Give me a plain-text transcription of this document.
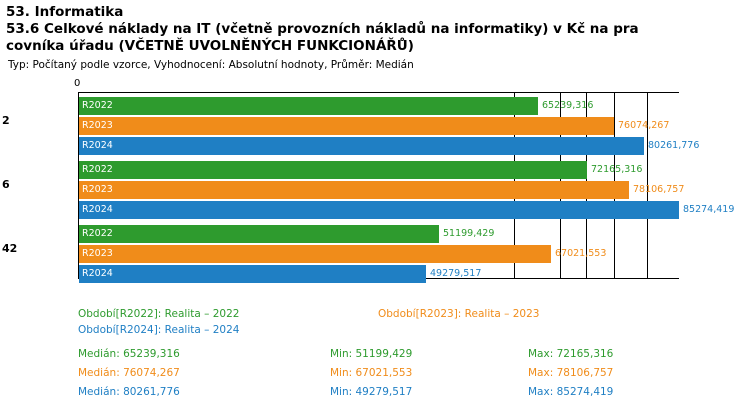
53. Informatika
53.6 Celkové náklady na IT (včetně provozních nákladů na informatiky) v Kč na pra
covníka úřadu (VČETNĚ UVOLNĚNÝCH FUNKCIONÁŘŮ)
Typ: Počítaný podle vzorce, Vyhodnocení: Absolutní hodnoty, Průměr: Medián
0
R2022	65239,316
R2023	76074,267
R2024	80261,776
R2022	72165,316
R2023	78106,757
R2024	85274,419
R2022	51199,429
R2023	67021,553
R2024	49279,517
2
6
42
Období[R2022]: Realita – 2022	Období[R2023]: Realita – 2023
Období[R2024]: Realita – 2024
Medián: 65239,316	Min: 51199,429	Max: 72165,316
Medián: 76074,267	Min: 67021,553	Max: 78106,757
Medián: 80261,776	Min: 49279,517	Max: 85274,419
